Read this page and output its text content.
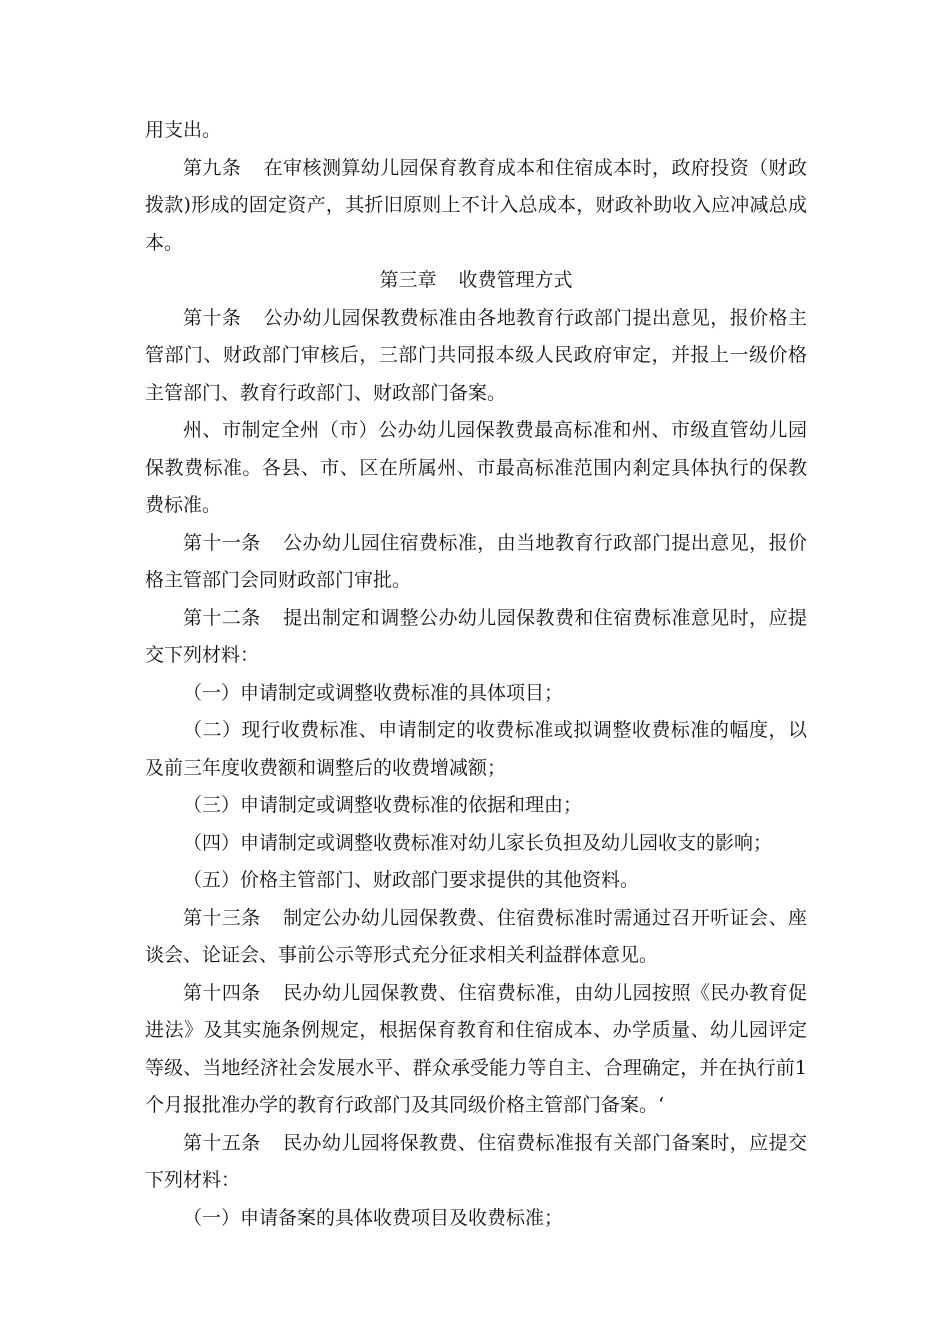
用支出。

第九条 在审核测算幼儿园保育教育成本和住宿成本时，政府投资（财政拨款)形成的固定资产，其折旧原则上不计入总成本，财政补助收入应冲减总成本。

第三章 收费管理方式

第十条 公办幼儿园保教费标准由各地教育行政部门提出意见，报价格主管部门、财政部门审核后，三部门共同报本级人民政府审定，并报上一级价格主管部门、教育行政部门、财政部门备案。

州、市制定全州（市）公办幼儿园保教费最高标准和州、市级直管幼儿园保教费标准。各县、市、区在所属州、市最高标准范围内剎定具体执行的保教费标准。

第十一条 公办幼儿园住宿费标准，由当地教育行政部门提出意见，报价格主管部门会同财政部门审批。

第十二条 提出制定和调整公办幼儿园保教费和住宿费标准意见时，应提交下列材料：

（一）申请制定或调整收费标准的具体项目；

（二）现行收费标准、申请制定的收费标准或拟调整收费标准的幅度，以及前三年度收费额和调整后的收费增减额；

（三）申请制定或调整收费标准的依据和理由；

（四）申请制定或调整收费标准对幼儿家长负担及幼儿园收支的影响；

（五）价格主管部门、财政部门要求提供的其他资料。

第十三条 制定公办幼儿园保教费、住宿费标准时需通过召开听证会、座谈会、论证会、事前公示等形式充分征求相关利益群体意见。

第十四条 民办幼儿园保教费、住宿费标准，由幼儿园按照《民办教育促进法》及其实施条例规定，根据保育教育和住宿成本、办学质量、幼儿园评定等级、当地经济社会发展水平、群众承受能力等自主、合理确定，并在执行前1个月报批准办学的教育行政部门及其同级价格主管部门备案。‘

第十五条 民办幼儿园将保教费、住宿费标准报有关部门备案时，应提交下列材料：

（一）申请备案的具体收费项目及收费标准；
